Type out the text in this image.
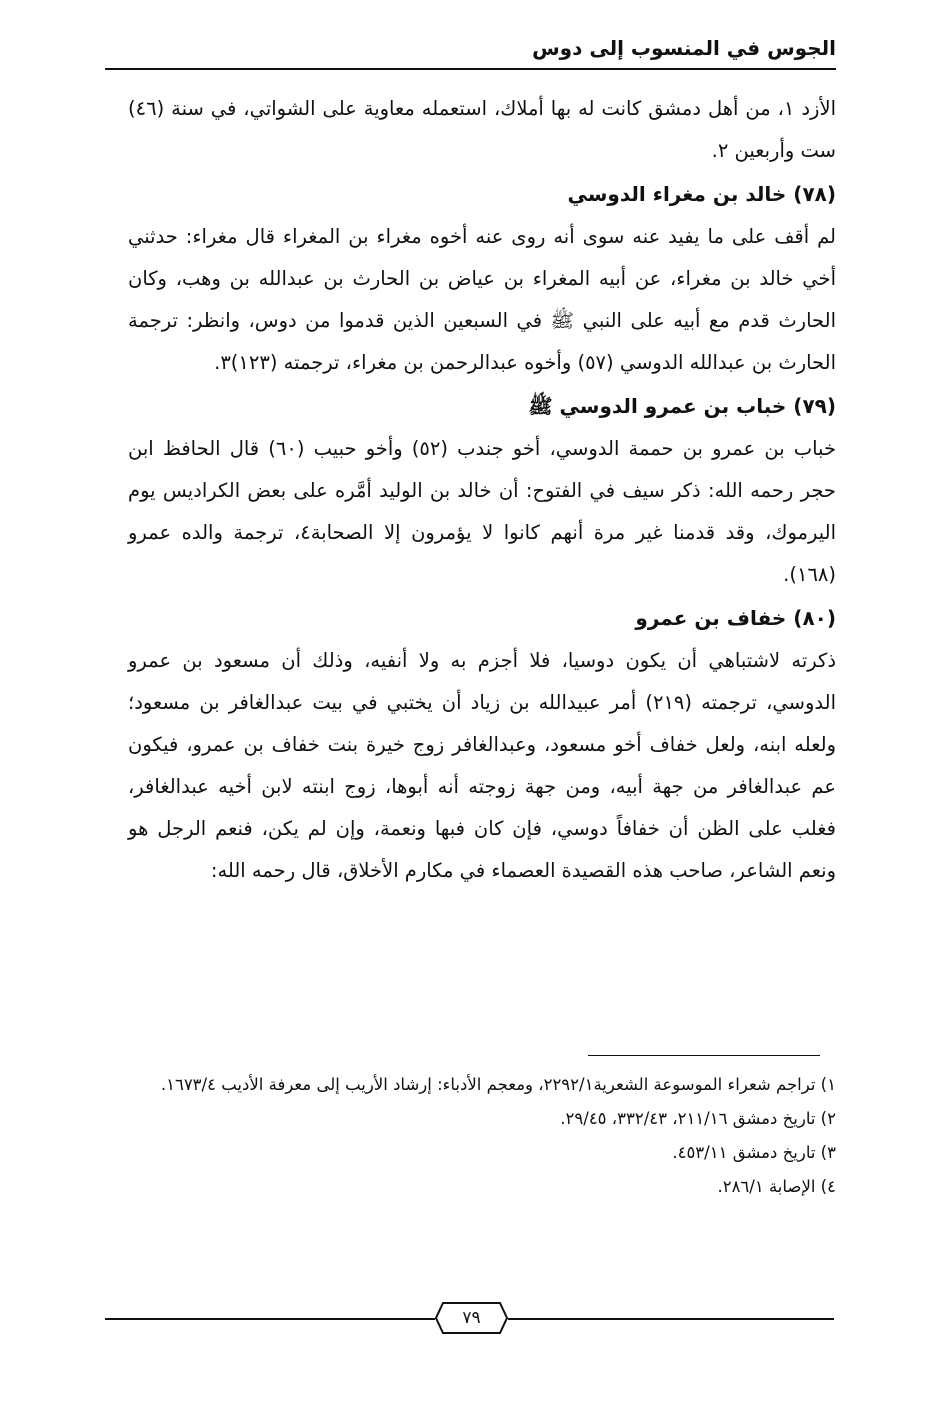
الجوس في المنسوب إلى دوس

الأزد ١، من أهل دمشق كانت له بها أملاك، استعمله معاوية على الشواتي، في سنة (٤٦) ست وأربعين ٢.

(٧٨) خالد بن مغراء الدوسي

لم أقف على ما يفيد عنه سوى أنه روى عنه أخوه مغراء بن المغراء قال مغراء: حدثني أخي خالد بن مغراء، عن أبيه المغراء بن عياض بن الحارث بن عبدالله بن وهب، وكان الحارث قدم مع أبيه على النبي ﷺ في السبعين الذين قدموا من دوس، وانظر: ترجمة الحارث بن عبدالله الدوسي (٥٧) وأخوه عبدالرحمن بن مغراء، ترجمته (١٢٣)٣.

(٧٩) خباب بن عمرو الدوسي ﷺ

خباب بن عمرو بن حممة الدوسي، أخو جندب (٥٢) وأخو حبيب (٦٠) قال الحافظ ابن حجر رحمه الله: ذكر سيف في الفتوح: أن خالد بن الوليد أمَّره على بعض الكراديس يوم اليرموك، وقد قدمنا غير مرة أنهم كانوا لا يؤمرون إلا الصحابة٤، ترجمة والده عمرو (١٦٨).

(٨٠) خفاف بن عمرو

ذكرته لاشتباهي أن يكون دوسيا، فلا أجزم به ولا أنفيه، وذلك أن مسعود بن عمرو الدوسي، ترجمته (٢١٩) أمر عبيدالله بن زياد أن يختبي في بيت عبدالغافر بن مسعود؛ ولعله ابنه، ولعل خفاف أخو مسعود، وعبدالغافر زوج خيرة بنت خفاف بن عمرو، فيكون عم عبدالغافر من جهة أبيه، ومن جهة زوجته أنه أبوها، زوج ابنته لابن أخيه عبدالغافر، فغلب على الظن أن خفافاً دوسي، فإن كان فبها ونعمة، وإن لم يكن، فنعم الرجل هو ونعم الشاعر، صاحب هذه القصيدة العصماء في مكارم الأخلاق، قال رحمه الله:

١) تراجم شعراء الموسوعة الشعرية٢٢٩٢/١، ومعجم الأدباء: إرشاد الأريب إلى معرفة الأديب ١٦٧٣/٤.

٢) تاريخ دمشق ٢١١/١٦، ٣٣٢/٤٣، ٢٩/٤٥.

٣) تاريخ دمشق ٤٥٣/١١.

٤) الإصابة ٢٨٦/١.

٧٩
